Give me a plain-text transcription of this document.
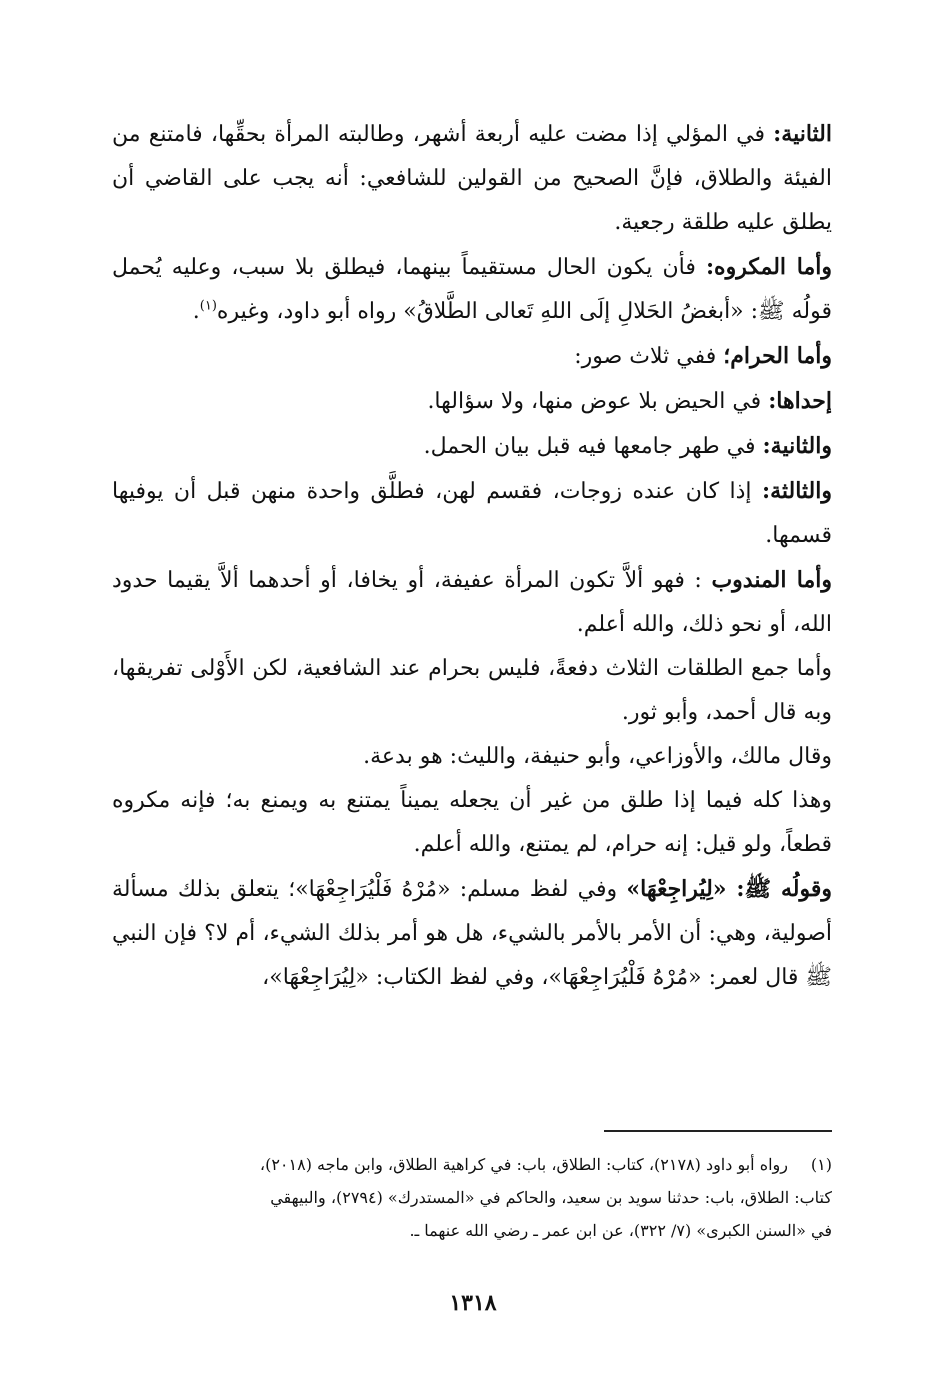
الثانية: في المؤلي إذا مضت عليه أربعة أشهر، وطالبته المرأة بحقِّها، فامتنع من الفيئة والطلاق، فإنَّ الصحيح من القولين للشافعي: أنه يجب على القاضي أن يطلق عليه طلقة رجعية.

وأما المكروه: فأن يكون الحال مستقيماً بينهما، فيطلق بلا سبب، وعليه يُحمل قولُه ﷺ: «أبغضُ الحَلالِ إلَى اللهِ تَعالى الطَّلاقُ» رواه أبو داود، وغيره$^{(١)}$.

وأما الحرام؛ ففي ثلاث صور:

إحداها: في الحيض بلا عوض منها، ولا سؤالها.

والثانية: في طهر جامعها فيه قبل بيان الحمل.

والثالثة: إذا كان عنده زوجات، فقسم لهن، فطلَّق واحدة منهن قبل أن يوفيها قسمها.

وأما المندوب : فهو ألاَّ تكون المرأة عفيفة، أو يخافا، أو أحدهما ألاَّ يقيما حدود الله، أو نحو ذلك، والله أعلم.

وأما جمع الطلقات الثلاث دفعةً، فليس بحرام عند الشافعية، لكن الأَوْلى تفريقها، وبه قال أحمد، وأبو ثور.

وقال مالك، والأوزاعي، وأبو حنيفة، والليث: هو بدعة.

وهذا كله فيما إذا طلق من غير أن يجعله يميناً يمتنع به ويمنع به؛ فإنه مكروه قطعاً، ولو قيل: إنه حرام، لم يمتنع، والله أعلم.

وقولُه ﷺ: «لِيُراجِعْهَا» وفي لفظ مسلم: «مُرْهُ فَلْيُرَاجِعْهَا»؛ يتعلق بذلك مسألة أصولية، وهي: أن الأمر بالأمر بالشيء، هل هو أمر بذلك الشيء، أم لا؟ فإن النبي ﷺ قال لعمر: «مُرْهُ فَلْيُرَاجِعْهَا»، وفي لفظ الكتاب: «لِيُرَاجِعْهَا»،

(١)رواه أبو داود (٢١٧٨)، كتاب: الطلاق، باب: في كراهية الطلاق، وابن ماجه (٢٠١٨)،

كتاب: الطلاق، باب: حدثنا سويد بن سعيد، والحاكم في «المستدرك» (٢٧٩٤)، والبيهقي

في «السنن الكبرى» (٧/ ٣٢٢)، عن ابن عمر ـ رضي الله عنهما ـ.

١٣١٨
